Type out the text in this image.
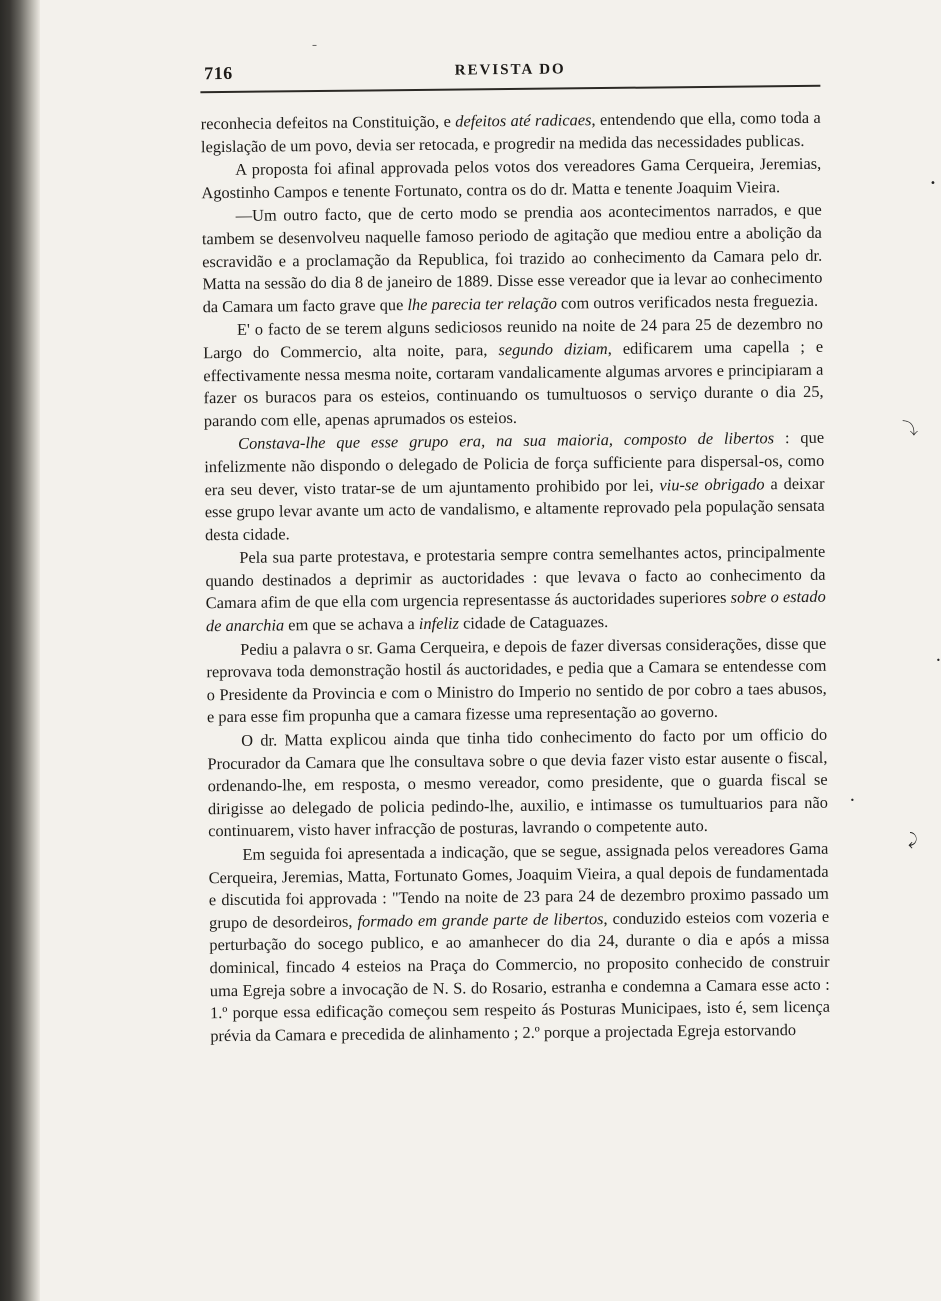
–
⤵
⤸
•
•
•
716	REVISTA DO

reconhecia defeitos na Constituição, e defeitos até radicaes, entendendo que ella, como toda a legislação de um povo, devia ser retocada, e progredir na medida das necessidades publicas.

A proposta foi afinal approvada pelos votos dos vereadores Gama Cerqueira, Jeremias, Agostinho Campos e tenente Fortunato, contra os do dr. Matta e tenente Joaquim Vieira.

—Um outro facto, que de certo modo se prendia aos acontecimentos narrados, e que tambem se desenvolveu naquelle famoso periodo de agitação que mediou entre a abolição da escravidão e a proclamação da Republica, foi trazido ao conhecimento da Camara pelo dr. Matta na sessão do dia 8 de janeiro de 1889. Disse esse vereador que ia levar ao conhecimento da Camara um facto grave que lhe parecia ter relação com outros verificados nesta freguezia.

E' o facto de se terem alguns sediciosos reunido na noite de 24 para 25 de dezembro no Largo do Commercio, alta noite, para, segundo diziam, edificarem uma capella ; e effectivamente nessa mesma noite, cortaram vandalicamente algumas arvores e principiaram a fazer os buracos para os esteios, continuando os tumultuosos o serviço durante o dia 25, parando com elle, apenas aprumados os esteios.

Constava-lhe que esse grupo era, na sua maioria, composto de libertos : que infelizmente não dispondo o delegado de Policia de força sufficiente para dispersal-os, como era seu dever, visto tratar-se de um ajuntamento prohibido por lei, viu-se obrigado a deixar esse grupo levar avante um acto de vandalismo, e altamente reprovado pela população sensata desta cidade.

Pela sua parte protestava, e protestaria sempre contra semelhantes actos, principalmente quando destinados a deprimir as auctoridades : que levava o facto ao conhecimento da Camara afim de que ella com urgencia representasse ás auctoridades superiores sobre o estado de anarchia em que se achava a infeliz cidade de Cataguazes.

Pediu a palavra o sr. Gama Cerqueira, e depois de fazer diversas considerações, disse que reprovava toda demonstração hostil ás auctoridades, e pedia que a Camara se entendesse com o Presidente da Provincia e com o Ministro do Imperio no sentido de por cobro a taes abusos, e para esse fim propunha que a camara fizesse uma representação ao governo.

O dr. Matta explicou ainda que tinha tido conhecimento do facto por um officio do Procurador da Camara que lhe consultava sobre o que devia fazer visto estar ausente o fiscal, ordenando-lhe, em resposta, o mesmo vereador, como presidente, que o guarda fiscal se dirigisse ao delegado de policia pedindo-lhe, auxilio, e intimasse os tumultuarios para não continuarem, visto haver infracção de posturas, lavrando o competente auto.

Em seguida foi apresentada a indicação, que se segue, assignada pelos vereadores Gama Cerqueira, Jeremias, Matta, Fortunato Gomes, Joaquim Vieira, a qual depois de fundamentada e discutida foi approvada : "Tendo na noite de 23 para 24 de dezembro proximo passado um grupo de desordeiros, formado em grande parte de libertos, conduzido esteios com vozeria e perturbação do socego publico, e ao amanhecer do dia 24, durante o dia e após a missa dominical, fincado 4 esteios na Praça do Commercio, no proposito conhecido de construir uma Egreja sobre a invocação de N. S. do Rosario, estranha e condemna a Camara esse acto : 1.º porque essa edificação começou sem respeito ás Posturas Municipaes, isto é, sem licença prévia da Camara e precedida de alinhamento ; 2.º porque a projectada Egreja estorvando
